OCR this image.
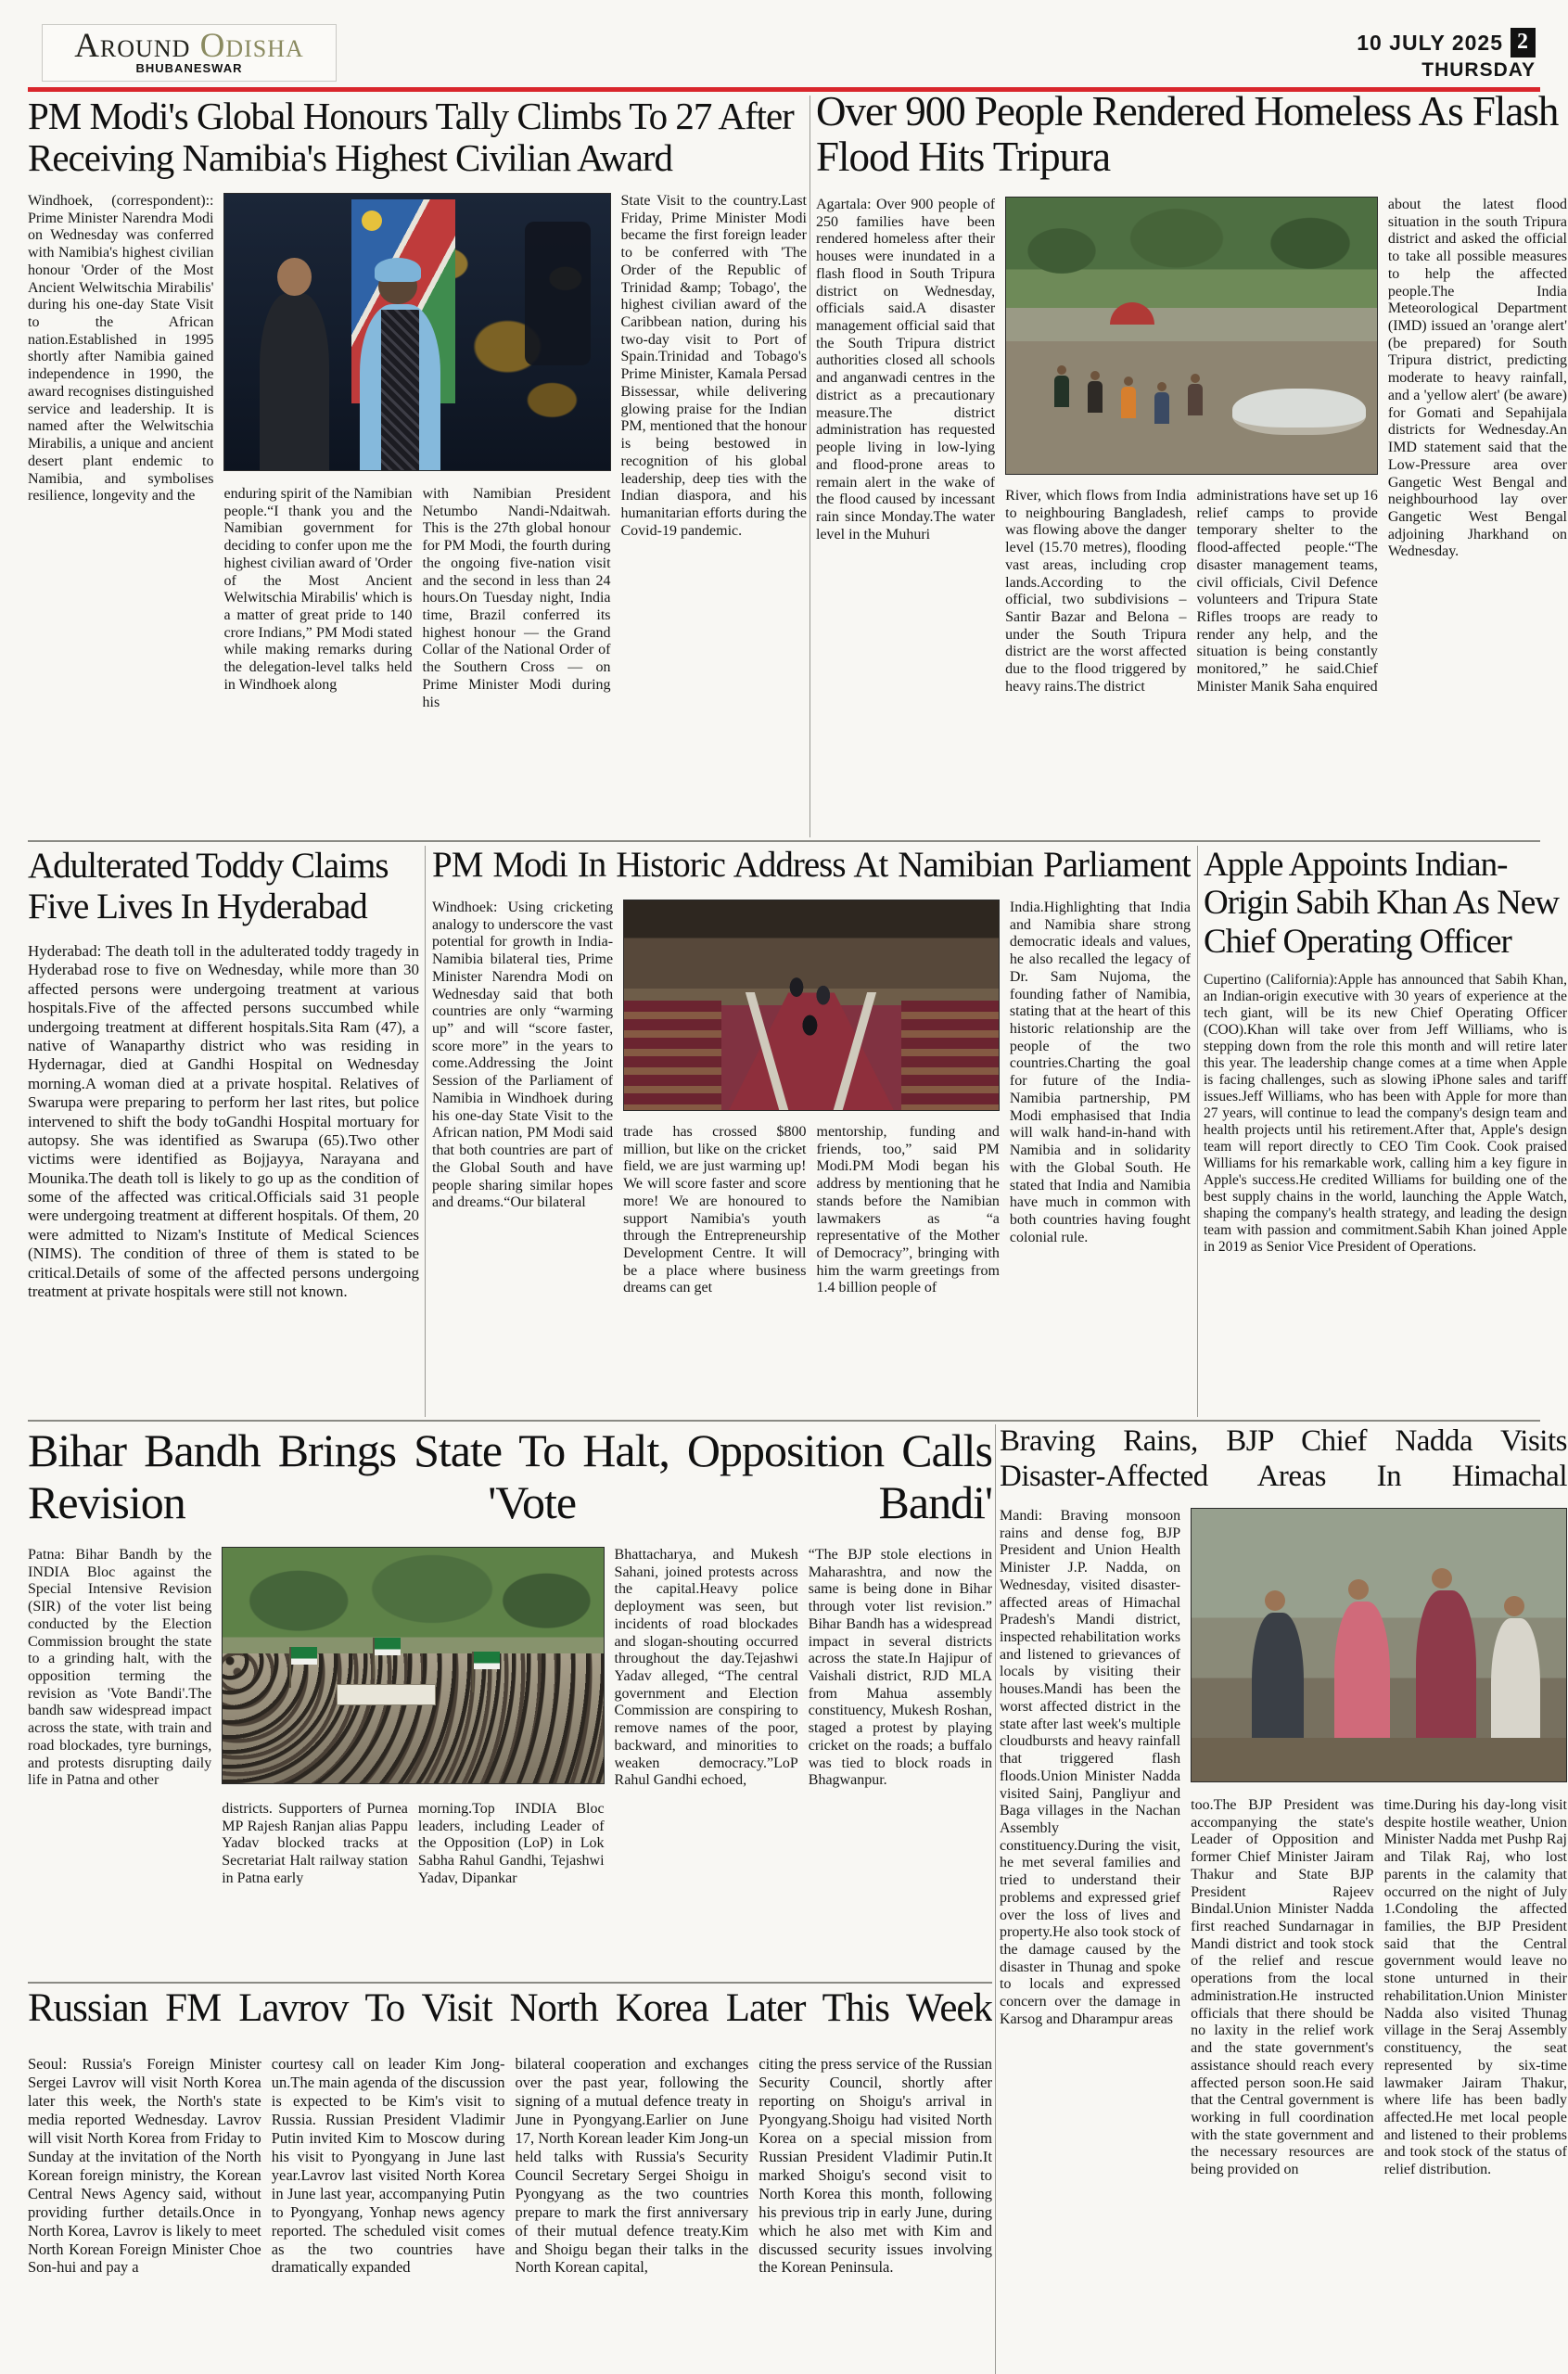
Around Odisha
BHUBANESWAR
10 JULY 2025 2
THURSDAY
PM Modi's Global Honours Tally Climbs To 27 After Receiving Namibia's Highest Civilian Award
Windhoek, (correspondent):: Prime Minister Narendra Modi on Wednesday was conferred with Namibia's highest civilian honour 'Order of the Most Ancient Welwitschia Mirabilis' during his one-day State Visit to the African nation.Established in 1995 shortly after Namibia gained independence in 1990, the award recognises distinguished service and leadership. It is named after the Welwitschia Mirabilis, a unique and ancient desert plant endemic to Namibia, and symbolises resilience, longevity and the	enduring spirit of the Namibian people.“I thank you and the Namibian government for deciding to confer upon me the highest civilian award of 'Order of the Most Ancient Welwitschia Mirabilis' which is a matter of great pride to 140 crore Indians,” PM Modi stated while making remarks during the delegation-level talks held in Windhoek along
with Namibian President Netumbo Nandi-Ndaitwah. This is the 27th global honour for PM Modi, the fourth during the ongoing five-nation visit and the second in less than 24 hours.On Tuesday night, India time, Brazil conferred its highest honour — the Grand Collar of the National Order of the Southern Cross — on Prime Minister Modi during his
State Visit to the country.Last Friday, Prime Minister Modi became the first foreign leader to be conferred with 'The Order of the Republic of Trinidad &amp; Tobago', the highest civilian award of the Caribbean nation, during his two-day visit to Port of Spain.Trinidad and Tobago's Prime Minister, Kamala Persad Bissessar, while delivering glowing praise for the Indian PM, mentioned that the honour is being bestowed in recognition of his global leadership, deep ties with the Indian diaspora, and his humanitarian efforts during the Covid-19 pandemic.
Over 900 People Rendered Homeless As Flash Flood Hits Tripura
Agartala: Over 900 people of 250 families have been rendered homeless after their houses were inundated in a flash flood in South Tripura district on Wednesday, officials said.A disaster management official said that the South Tripura district authorities closed all schools and anganwadi centres in the district as a precautionary measure.The district administration has requested people living in low-lying and flood-prone areas to remain alert in the wake of the flood caused by incessant rain since Monday.The water level in the Muhuri
River, which flows from India to neighbouring Bangladesh, was flowing above the danger level (15.70 metres), flooding vast areas, including crop lands.According to the official, two subdivisions – Santir Bazar and Belona – under the South Tripura district are the worst affected due to the flood triggered by heavy rains.The district
administrations have set up 16 relief camps to provide temporary shelter to the flood-affected people.“The disaster management teams, civil officials, Civil Defence volunteers and Tripura State Rifles troops are ready to render any help, and the situation is being constantly monitored,” he said.Chief Minister Manik Saha enquired
about the latest flood situation in the south Tripura district and asked the official to take all possible measures to help the affected people.The India Meteorological Department (IMD) issued an 'orange alert' (be prepared) for South Tripura district, predicting moderate to heavy rainfall, and a 'yellow alert' (be aware) for Gomati and Sepahijala districts for Wednesday.An IMD statement said that the Low-Pressure area over Gangetic West Bengal and neighbourhood lay over Gangetic West Bengal adjoining Jharkhand on Wednesday.
Adulterated Toddy Claims Five Lives In Hyderabad
Hyderabad: The death toll in the adulterated toddy tragedy in Hyderabad rose to five on Wednesday, while more than 30 affected persons were undergoing treatment at various hospitals.Five of the affected persons succumbed while undergoing treatment at different hospitals.Sita Ram (47), a native of Wanaparthy district who was residing in Hydernagar, died at Gandhi Hospital on Wednesday morning.A woman died at a private hospital. Relatives of Swarupa were preparing to perform her last rites, but police intervened to shift the body toGandhi Hospital mortuary for autopsy. She was identified as Swarupa (65).Two other victims were identified as Bojjayya, Narayana and Mounika.The death toll is likely to go up as the condition of some of the affected was critical.Officials said 31 people were undergoing treatment at different hospitals. Of them, 20 were admitted to Nizam's Institute of Medical Sciences (NIMS). The condition of three of them is stated to be critical.Details of some of the affected persons undergoing treatment at private hospitals were still not known.
PM Modi In Historic Address At Namibian Parliament
Windhoek: Using cricketing analogy to underscore the vast potential for growth in India-Namibia bilateral ties, Prime Minister Narendra Modi on Wednesday said that both countries are only “warming up” and will “score faster, score more” in the years to come.Addressing the Joint Session of the Parliament of Namibia in Windhoek during his one-day State Visit to the African nation, PM Modi said that both countries are part of the Global South and have people sharing similar hopes and dreams.“Our bilateral
trade has crossed $800 million, but like on the cricket field, we are just warming up! We will score faster and score more! We are honoured to support Namibia's youth through the Entrepreneurship Development Centre. It will be a place where business dreams can get
mentorship, funding and friends, too,” said PM Modi.PM Modi began his address by mentioning that he stands before the Namibian lawmakers as “a representative of the Mother of Democracy”, bringing with him the warm greetings from 1.4 billion people of
India.Highlighting that India and Namibia share strong democratic ideals and values, he also recalled the legacy of Dr. Sam Nujoma, the founding father of Namibia, stating that at the heart of this historic relationship are the people of the two countries.Charting the goal for future of the India-Namibia partnership, PM Modi emphasised that India will walk hand-in-hand with Namibia and in solidarity with the Global South. He stated that India and Namibia have much in common with both countries having fought colonial rule.
Apple Appoints Indian-Origin Sabih Khan As New Chief Operating Officer
Cupertino (California):Apple has announced that Sabih Khan, an Indian-origin executive with 30 years of experience at the tech giant, will be its new Chief Operating Officer (COO).Khan will take over from Jeff Williams, who is stepping down from the role this month and will retire later this year. The leadership change comes at a time when Apple is facing challenges, such as slowing iPhone sales and tariff issues.Jeff Williams, who has been with Apple for more than 27 years, will continue to lead the company's design team and health projects until his retirement.After that, Apple's design team will report directly to CEO Tim Cook. Cook praised Williams for his remarkable work, calling him a key figure in Apple's success.He credited Williams for building one of the best supply chains in the world, launching the Apple Watch, shaping the company's health strategy, and leading the design team with passion and commitment.Sabih Khan joined Apple in 2019 as Senior Vice President of Operations.
Bihar Bandh Brings State To Halt, Opposition Calls Revision 'Vote Bandi'
Patna: Bihar Bandh by the INDIA Bloc against the Special Intensive Revision (SIR) of the voter list being conducted by the Election Commission brought the state to a grinding halt, with the opposition terming the revision as 'Vote Bandi'.The bandh saw widespread impact across the state, with train and road blockades, tyre burnings, and protests disrupting daily life in Patna and other
districts. Supporters of Purnea MP Rajesh Ranjan alias Pappu Yadav blocked tracks at Secretariat Halt railway station in Patna early
morning.Top INDIA Bloc leaders, including Leader of the Opposition (LoP) in Lok Sabha Rahul Gandhi, Tejashwi Yadav, Dipankar
Bhattacharya, and Mukesh Sahani, joined protests across the capital.Heavy police deployment was seen, but incidents of road blockades and slogan-shouting occurred throughout the day.Tejashwi Yadav alleged, “The central government and Election Commission are conspiring to remove names of the poor, backward, and minorities to weaken democracy.”LoP Rahul Gandhi echoed,
“The BJP stole elections in Maharashtra, and now the same is being done in Bihar through voter list revision.” Bihar Bandh has a widespread impact in several districts across the state.In Hajipur of Vaishali district, RJD MLA from Mahua assembly constituency, Mukesh Roshan, staged a protest by playing cricket on the roads; a buffalo was tied to block roads in Bhagwanpur.
Braving Rains, BJP Chief Nadda Visits Disaster-Affected Areas In Himachal
Mandi: Braving monsoon rains and dense fog, BJP President and Union Health Minister J.P. Nadda, on Wednesday, visited disaster-affected areas of Himachal Pradesh's Mandi district, inspected rehabilitation works and listened to grievances of locals by visiting their houses.Mandi has been the worst affected district in the state after last week's multiple cloudbursts and heavy rainfall that triggered flash floods.Union Minister Nadda visited Sainj, Pangliyur and Baga villages in the Nachan Assembly constituency.During the visit, he met several families and tried to understand their problems and expressed grief over the loss of lives and property.He also took stock of the damage caused by the disaster in Thunag and spoke to locals and expressed concern over the damage in Karsog and Dharampur areas
too.The BJP President was accompanying the state's Leader of Opposition and former Chief Minister Jairam Thakur and State BJP President Rajeev Bindal.Union Minister Nadda first reached Sundarnagar in Mandi district and took stock of the relief and rescue operations from the local administration.He instructed officials that there should be no laxity in the relief work and the state government's assistance should reach every affected person soon.He said that the Central government is working in full coordination with the state government and the necessary resources are being provided on
time.During his day-long visit despite hostile weather, Union Minister Nadda met Pushp Raj and Tilak Raj, who lost parents in the calamity that occurred on the night of July 1.Condoling the affected families, the BJP President said that the Central government would leave no stone unturned in their rehabilitation.Union Minister Nadda also visited Thunag village in the Seraj Assembly constituency, the seat represented by six-time lawmaker Jairam Thakur, where life has been badly affected.He met local people and listened to their problems and took stock of the status of relief distribution.
Russian FM Lavrov To Visit North Korea Later This Week
Seoul: Russia's Foreign Minister Sergei Lavrov will visit North Korea later this week, the North's state media reported Wednesday. Lavrov will visit North Korea from Friday to Sunday at the invitation of the North Korean foreign ministry, the Korean Central News Agency said, without providing further details.Once in North Korea, Lavrov is likely to meet North Korean Foreign Minister Choe Son-hui and pay a
courtesy call on leader Kim Jong-un.The main agenda of the discussion is expected to be Kim's visit to Russia. Russian President Vladimir Putin invited Kim to Moscow during his visit to Pyongyang in June last year.Lavrov last visited North Korea in June last year, accompanying Putin to Pyongyang, Yonhap news agency reported. The scheduled visit comes as the two countries have dramatically expanded
bilateral cooperation and exchanges over the past year, following the signing of a mutual defence treaty in June in Pyongyang.Earlier on June 17, North Korean leader Kim Jong-un held talks with Russia's Security Council Secretary Sergei Shoigu in Pyongyang as the two countries prepare to mark the first anniversary of their mutual defence treaty.Kim and Shoigu began their talks in the North Korean capital,
citing the press service of the Russian Security Council, shortly after reporting on Shoigu's arrival in Pyongyang.Shoigu had visited North Korea on a special mission from Russian President Vladimir Putin.It marked Shoigu's second visit to North Korea this month, following his previous trip in early June, during which he also met with Kim and discussed security issues involving the Korean Peninsula.
